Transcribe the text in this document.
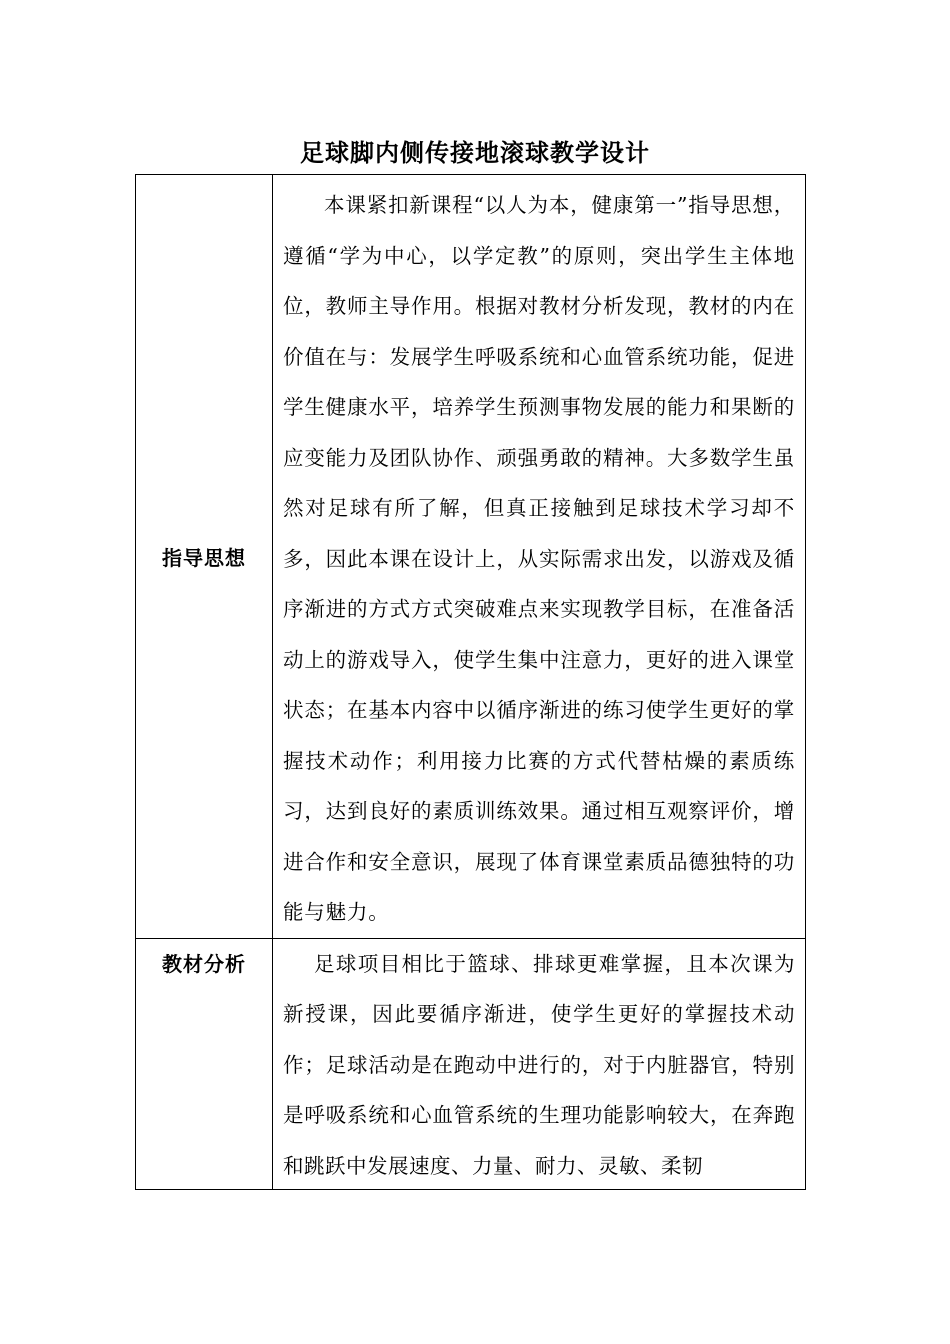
足球脚内侧传接地滚球教学设计
指导思想	本课紧扣新课程“以人为本，健康第一”指导思想，遵循“学为中心，以学定教”的原则，突出学生主体地位，教师主导作用。根据对教材分析发现，教材的内在价值在与：发展学生呼吸系统和心血管系统功能，促进学生健康水平，培养学生预测事物发展的能力和果断的应变能力及团队协作、顽强勇敢的精神。大多数学生虽然对足球有所了解，但真正接触到足球技术学习却不多，因此本课在设计上，从实际需求出发，以游戏及循序渐进的方式方式突破难点来实现教学目标，在准备活动上的游戏导入，使学生集中注意力，更好的进入课堂状态；在基本内容中以循序渐进的练习使学生更好的掌握技术动作；利用接力比赛的方式代替枯燥的素质练习，达到良好的素质训练效果。通过相互观察评价，增进合作和安全意识，展现了体育课堂素质品德独特的功能与魅力。

教材分析	足球项目相比于篮球、排球更难掌握，且本次课为新授课，因此要循序渐进，使学生更好的掌握技术动作；足球活动是在跑动中进行的，对于内脏器官，特别是呼吸系统和心血管系统的生理功能影响较大，在奔跑和跳跃中发展速度、力量、耐力、灵敏、柔韧
